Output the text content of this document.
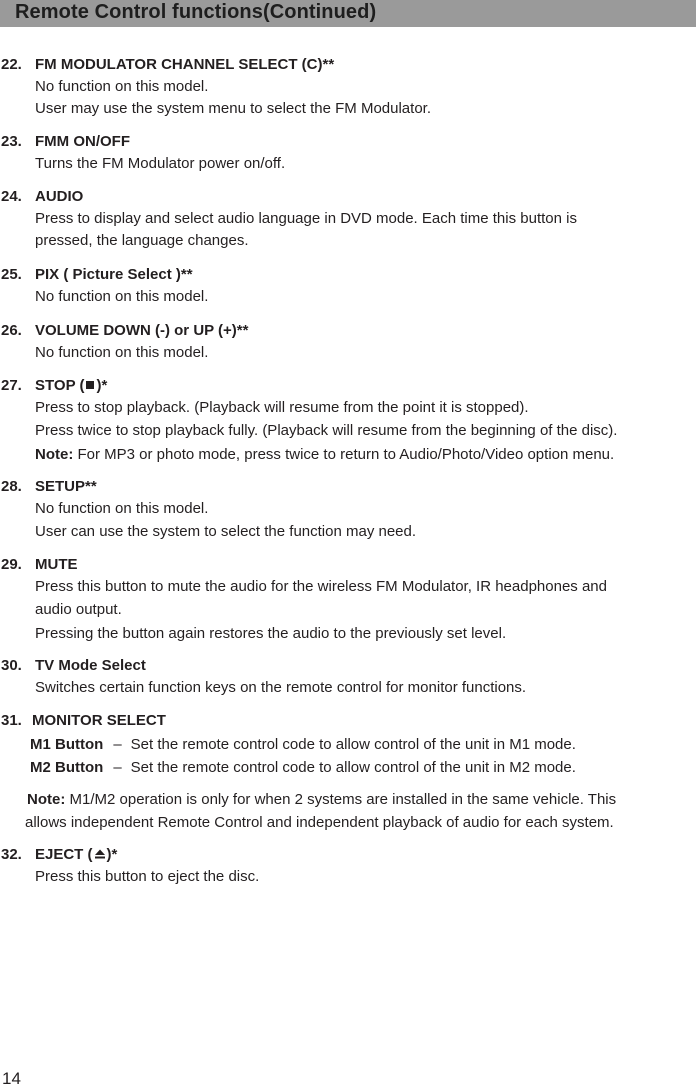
Remote Control functions(Continued)
22. FM MODULATOR CHANNEL SELECT (C)**
No function on this model.
User may use the system menu to select the FM Modulator.
23. FMM ON/OFF
Turns the FM Modulator power on/off.
24. AUDIO
Press to display and select audio language in DVD mode. Each time this button is
pressed, the language changes.
25. PIX ( Picture Select )**
No function on this model.
26. VOLUME DOWN (-) or UP (+)**
No function on this model.
27. STOP ( )*
Press to stop playback. (Playback will resume from the point it is stopped).
Press twice to stop playback fully. (Playback will resume from the beginning of the disc).
Note: For MP3 or photo mode, press twice to return to Audio/Photo/Video option menu.
28. SETUP**
No function on this model.
User can use the system to select the function may need.
29. MUTE
Press this button to mute the audio for the wireless FM Modulator, IR headphones and
audio output.
Pressing the button again restores the audio to the previously set level.
30. TV Mode Select
Switches certain function keys on the remote control for monitor functions.
31. MONITOR SELECT
M1 Button – Set the remote control code to allow control of the unit in M1 mode.
M2 Button – Set the remote control code to allow control of the unit in M2 mode.
Note: M1/M2 operation is only for when 2 systems are installed in the same vehicle. This
allows independent Remote Control and independent playback of audio for each system.
32. EJECT ( )*
Press this button to eject the disc.
14
